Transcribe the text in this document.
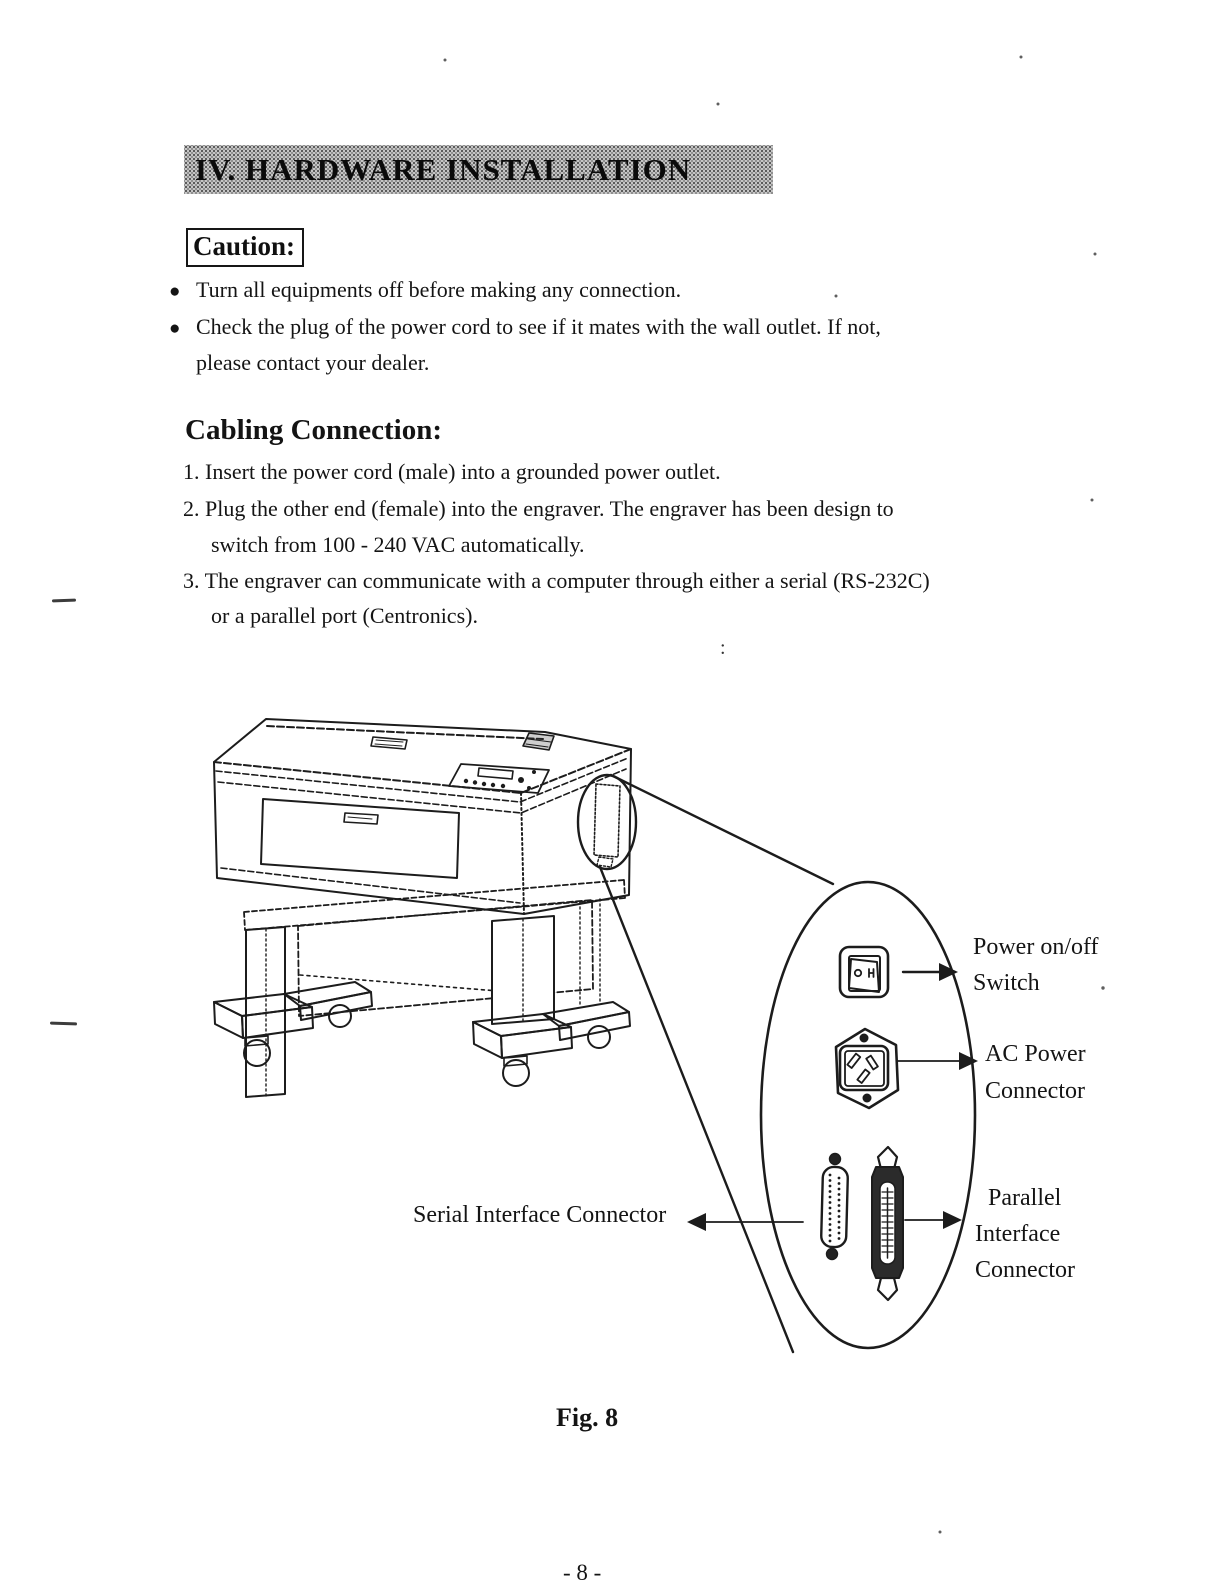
IV. HARDWARE INSTALLATION
Caution:
● Turn all equipments off before making any connection.
● Check the plug of the power cord to see if it mates with the wall outlet. If not,
please contact your dealer.
Cabling Connection:
1. Insert the power cord (male) into a grounded power outlet.
2. Plug the other end (female) into the engraver. The engraver has been design to
switch from 100 - 240 VAC automatically.
3. The engraver can communicate with a computer through either a serial (RS-232C)
or a parallel port (Centronics).
:
Power on/off
Switch
AC Power
Connector
Serial Interface Connector
Parallel
Interface
Connector
Fig. 8
- 8 -
